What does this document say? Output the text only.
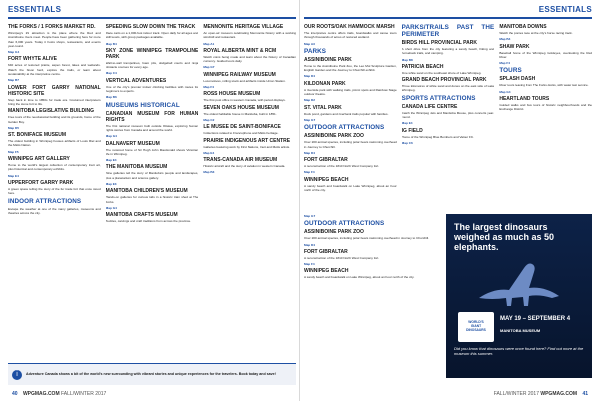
ESSENTIALS
THE FORKS / 1 FORKS MARKET RD.

Winnipeg's #1 attraction is the place where the Red and Assiniboine rivers meet. People have been gathering here for more than 6,000 years. Today it hosts shops, restaurants, and events year-round.

Map G4
FORT WHYTE ALIVE

640 acres of restored prairie, aspen forest, lakes and wetlands. Watch the bison herd, explore the trails, or learn about sustainability at the interpretive centre.

Map B7
LOWER FORT GARRY NATIONAL HISTORIC SITE

Step back in time to 1850s fur trade era. Costumed interpreters bring the stone fort to life.

MANITOBA LEGISLATIVE BUILDING

Free tours of the neoclassical building and its grounds, home of the Golden Boy.

Map D5
ST. BONIFACE MUSEUM

The oldest building in Winnipeg houses artifacts of Louis Riel and the Métis Nation.

Map F5
WINNIPEG ART GALLERY

Home to the world's largest collection of contemporary Inuit art, plus historical and contemporary exhibits.

Map E4
UPPERFORT GARRY PARK

A green space telling the story of the fur trade fort that once stood here.

INDOOR ATTRACTIONS

Escape the weather at one of the many galleries, museums and theatres across the city.

SPEEDING SLOW DOWN THE TRACK

Race carts on a 1,000-foot indoor track. Open daily for all ages and skill levels, with group packages available.

Map B4
SKY ZONE WINNIPEG TRAMPOLINE PARK

Wall-to-wall trampolines, foam pits, dodgeball courts and ninja obstacle courses for every age.

Map C4
VERTICAL ADVENTURES

One of the city's premier indoor climbing facilities with routes for beginners to experts.

Map B6
MUSEUMS HISTORICAL
CANADIAN MUSEUM FOR HUMAN RIGHTS

The first national museum built outside Ottawa, exploring human rights stories from Canada and around the world.

Map G4
DALNAVERT MUSEUM

The restored home of Sir Hugh John Macdonald shows Victorian life in Winnipeg.

Map E4
THE MANITOBA MUSEUM

Nine galleries tell the story of Manitoba's people and landscapes, plus a planetarium and science gallery.

Map E3
MANITOBA CHILDREN'S MUSEUM

Hands-on galleries for curious kids in a historic train shed at The Forks.

Map G4
MANITOBA CRAFTS MUSEUM

Textiles, carvings and craft traditions from across the province.

MENNONITE HERITAGE VILLAGE

An open-air museum celebrating Mennonite history with a working windmill and restaurant.

Map A1
ROYAL ALBERTA MINT & RCM

Watch coins being made and learn about the history of Canadian currency. Guided tours daily.

Map G7
WINNIPEG RAILWAY MUSEUM

Locomotives, rolling stock and artifacts inside Union Station.

Map F4
ROSS HOUSE MUSEUM

The first post office in western Canada, with period displays.

SEVEN OAKS HOUSE MUSEUM

The oldest habitable house in Manitoba, built in 1851.

Map C2
LE MUSEE DE SAINT-BONIFACE

Collections related to Francophone and Métis heritage.

PRAIRIE INDIGENOUS ART CENTRE

Galleries featuring work by First Nations, Inuit and Métis artists.

Map E4
TRANS-CANADA AIR MUSEUM

Historic aircraft and the story of aviation in western Canada.

Map B3
i	Adventure Canada shows a bit of the world's new surrounding with vibrant stories and unique experiences for the travelers. Book today and save!
40 WPGMAG.COM FALL/WINTER 2017
ESSENTIALS
OUR ROOTS/OAK HAMMOCK MARSH

The interpretive centre offers trails, boardwalks and canoe tours through thousands of acres of restored wetland.

Map A3
PARKS
ASSINIBOINE PARK

Home to the Assiniboine Park Zoo, the Leo Mol Sculpture Garden, English Garden and the Journey to Churchill exhibit.

Map D4
KILDONAN PARK

A riverside park with walking trails, picnic spots and Rainbow Stage outdoor theatre.

Map D2
ST. VITAL PARK

Duck pond, gardens and riverbank trails popular with families.

Map G7
OUTDOOR ATTRACTIONS
ASSINIBOINE PARK ZOO

Over 200 animal species, including polar bears swimming overhead in Journey to Churchill.

Map D4
FORT GIBRALTAR

A reconstruction of the 1810 North West Company fort.

Map F4
WINNIPEG BEACH

A sandy beach and boardwalk on Lake Winnipeg, about an hour north of the city.

PARKS/TRAILS PAST THE PERIMETER
BIRDS HILL PROVINCIAL PARK

A short drive from the city featuring a sandy beach, hiking and horseback trails, and camping.

Map B8
PATRICIA BEACH

Fine white sand on the southeast shore of Lake Winnipeg.

GRAND BEACH PROVINCIAL PARK

Three kilometres of white sand and dunes on the east side of Lake Winnipeg.

SPORTS ATTRACTIONS
CANADA LIFE CENTRE

Catch the Winnipeg Jets and Manitoba Moose, plus concerts year-round.

Map E4
IG FIELD

Home of the Winnipeg Blue Bombers and Valour FC.

Map C6
MANITOBA DOWNS

Watch the ponies race at the city's horse racing track.

Map B4
SHAW PARK

Baseball home of the Winnipeg Goldeyes, overlooking the Red River.

Map F4
TOURS
SPLASH DASH

River tours leaving from The Forks docks, with water taxi service.

Map G4
HEARTLAND TOURS

Guided walks and bus tours of historic neighbourhoods and the Exchange District.

Map G7
OUTDOOR ATTRACTIONS
ASSINIBOINE PARK ZOO

Over 200 animal species, including polar bears swimming overhead in Journey to Churchill.

Map D4
FORT GIBRALTAR

A reconstruction of the 1810 North West Company fort.

Map F4
WINNIPEG BEACH

A sandy beach and boardwalk on Lake Winnipeg, about an hour north of the city.

The largest dinosaurs weighed as much as 50 elephants.
WORLD'S
GIANT
DINOSAURS
MAY 19 – SEPTEMBER 4
MANITOBA MUSEUM
Did you know that dinosaurs were once found here? Find out more at the museum this summer.
FALL/WINTER 2017 WPGMAG.COM 41
